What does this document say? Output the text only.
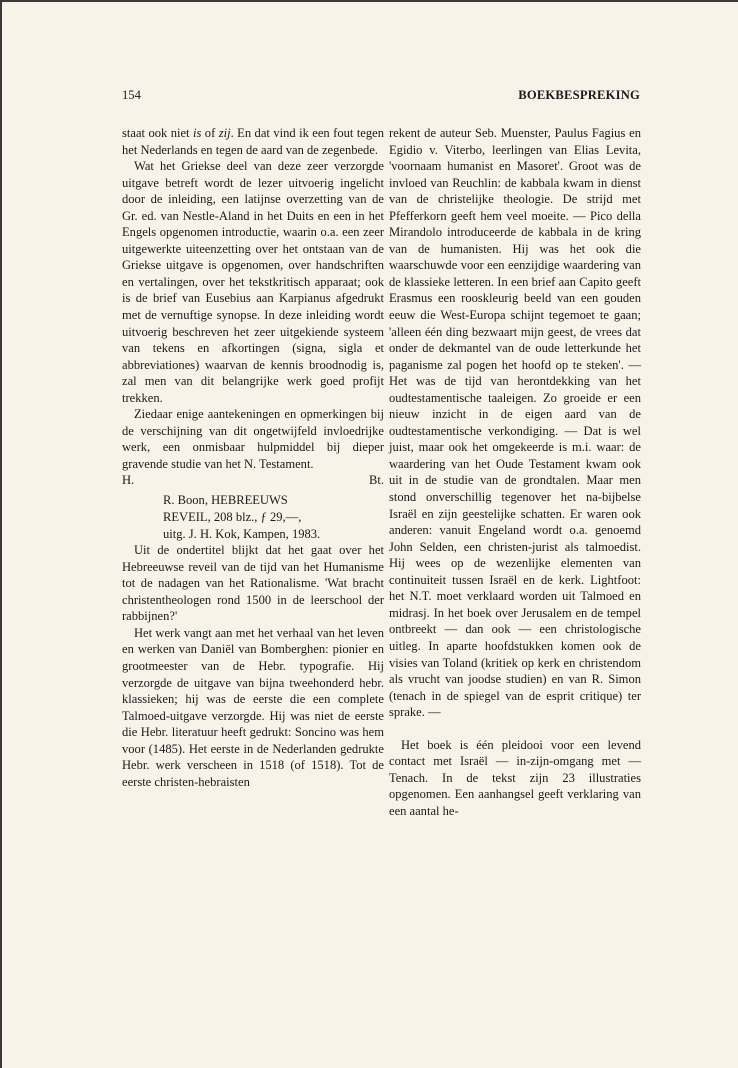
154	BOEKBESPREKING

staat ook niet is of zij. En dat vind ik een fout tegen het Nederlands en tegen de aard van de zegenbede.

Wat het Griekse deel van deze zeer verzorgde uitgave betreft wordt de lezer uitvoerig ingelicht door de inleiding, een latijnse overzetting van de Gr. ed. van Nestle-Aland in het Duits en een in het Engels opgenomen introductie, waarin o.a. een zeer uitgewerkte uiteenzetting over het ontstaan van de Griekse uitgave is opgenomen, over handschriften en vertalingen, over het tekstkritisch apparaat; ook is de brief van Eusebius aan Karpianus afgedrukt met de vernuftige synopse. In deze inleiding wordt uitvoerig beschreven het zeer uitgekiende systeem van tekens en afkortingen (signa, sigla et abbreviationes) waarvan de kennis broodnodig is, zal men van dit belangrijke werk goed profijt trekken.

Ziedaar enige aantekeningen en opmerkingen bij de verschijning van dit ongetwijfeld invloedrijke werk, een onmisbaar hulpmiddel bij dieper gravende studie van het N. Testament.

H.	Bt.

R. Boon, HEBREEUWS REVEIL, 208 blz., ƒ 29,—, uitg. J. H. Kok, Kampen, 1983.

Uit de ondertitel blijkt dat het gaat over het Hebreeuwse reveil van de tijd van het Humanisme tot de nadagen van het Rationalisme. 'Wat bracht christentheologen rond 1500 in de leerschool der rabbijnen?'

Het werk vangt aan met het verhaal van het leven en werken van Daniël van Bomberghen: pionier en grootmeester van de Hebr. typografie. Hij verzorgde de uitgave van bijna tweehonderd hebr. klassieken; hij was de eerste die een complete Talmoed-uitgave verzorgde. Hij was niet de eerste die Hebr. literatuur heeft gedrukt: Soncino was hem voor (1485). Het eerste in de Nederlanden gedrukte Hebr. werk verscheen in 1518 (of 1518). Tot de eerste christen-hebraisten

rekent de auteur Seb. Muenster, Paulus Fagius en Egidio v. Viterbo, leerlingen van Elias Levita, 'voornaam humanist en Masoret'. Groot was de invloed van Reuchlin: de kabbala kwam in dienst van de christelijke theologie. De strijd met Pfefferkorn geeft hem veel moeite. — Pico della Mirandolo introduceerde de kabbala in de kring van de humanisten. Hij was het ook die waarschuwde voor een eenzijdige waardering van de klassieke letteren. In een brief aan Capito geeft Erasmus een rooskleurig beeld van een gouden eeuw die West-Europa schijnt tegemoet te gaan; 'alleen één ding bezwaart mijn geest, de vrees dat onder de dekmantel van de oude letterkunde het paganisme zal pogen het hoofd op te steken'. — Het was de tijd van herontdekking van het oudtestamentische taaleigen. Zo groeide er een nieuw inzicht in de eigen aard van de oudtestamentische verkondiging. — Dat is wel juist, maar ook het omgekeerde is m.i. waar: de waardering van het Oude Testament kwam ook uit in de studie van de grondtalen. Maar men stond onverschillig tegenover het na-bijbelse Israël en zijn geestelijke schatten. Er waren ook anderen: vanuit Engeland wordt o.a. genoemd John Selden, een christen-jurist als talmoedist. Hij wees op de wezenlijke elementen van continuiteit tussen Israël en de kerk. Lightfoot: het N.T. moet verklaard worden uit Talmoed en midrasj. In het boek over Jerusalem en de tempel ontbreekt — dan ook — een christologische uitleg. In aparte hoofdstukken komen ook de visies van Toland (kritiek op kerk en christendom als vrucht van joodse studien) en van R. Simon (tenach in de spiegel van de esprit critique) ter sprake. —

Het boek is één pleidooi voor een levend contact met Israël — in-zijn-omgang met — Tenach. In de tekst zijn 23 illustraties opgenomen. Een aanhangsel geeft verklaring van een aantal he-
